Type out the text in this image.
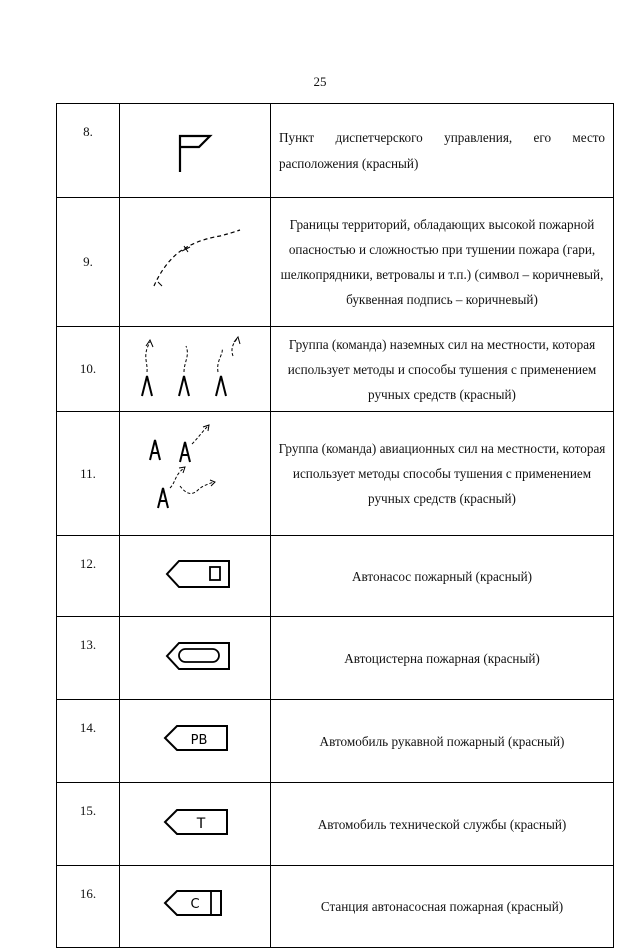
25
8.		Пункт диспетчерского управления, его место расположения (красный)
9.		Границы территорий, обладающих высокой пожарной опасностью и сложностью при тушении пожара (гари, шелкопрядники, ветровалы и т.п.) (символ – коричневый, буквенная подпись – коричневый)
10.		Группа (команда) наземных сил на местности, которая использует методы и способы тушения с применением ручных средств (красный)
11.		Группа (команда) авиационных сил на местности, которая использует методы способы тушения с применением ручных средств (красный)
12.		Автонасос пожарный (красный)
13.		Автоцистерна пожарная (красный)
14.	РВ	Автомобиль рукавной пожарный (красный)
15.	Т	Автомобиль технической службы (красный)
16.	С	Станция автонасосная пожарная (красный)
